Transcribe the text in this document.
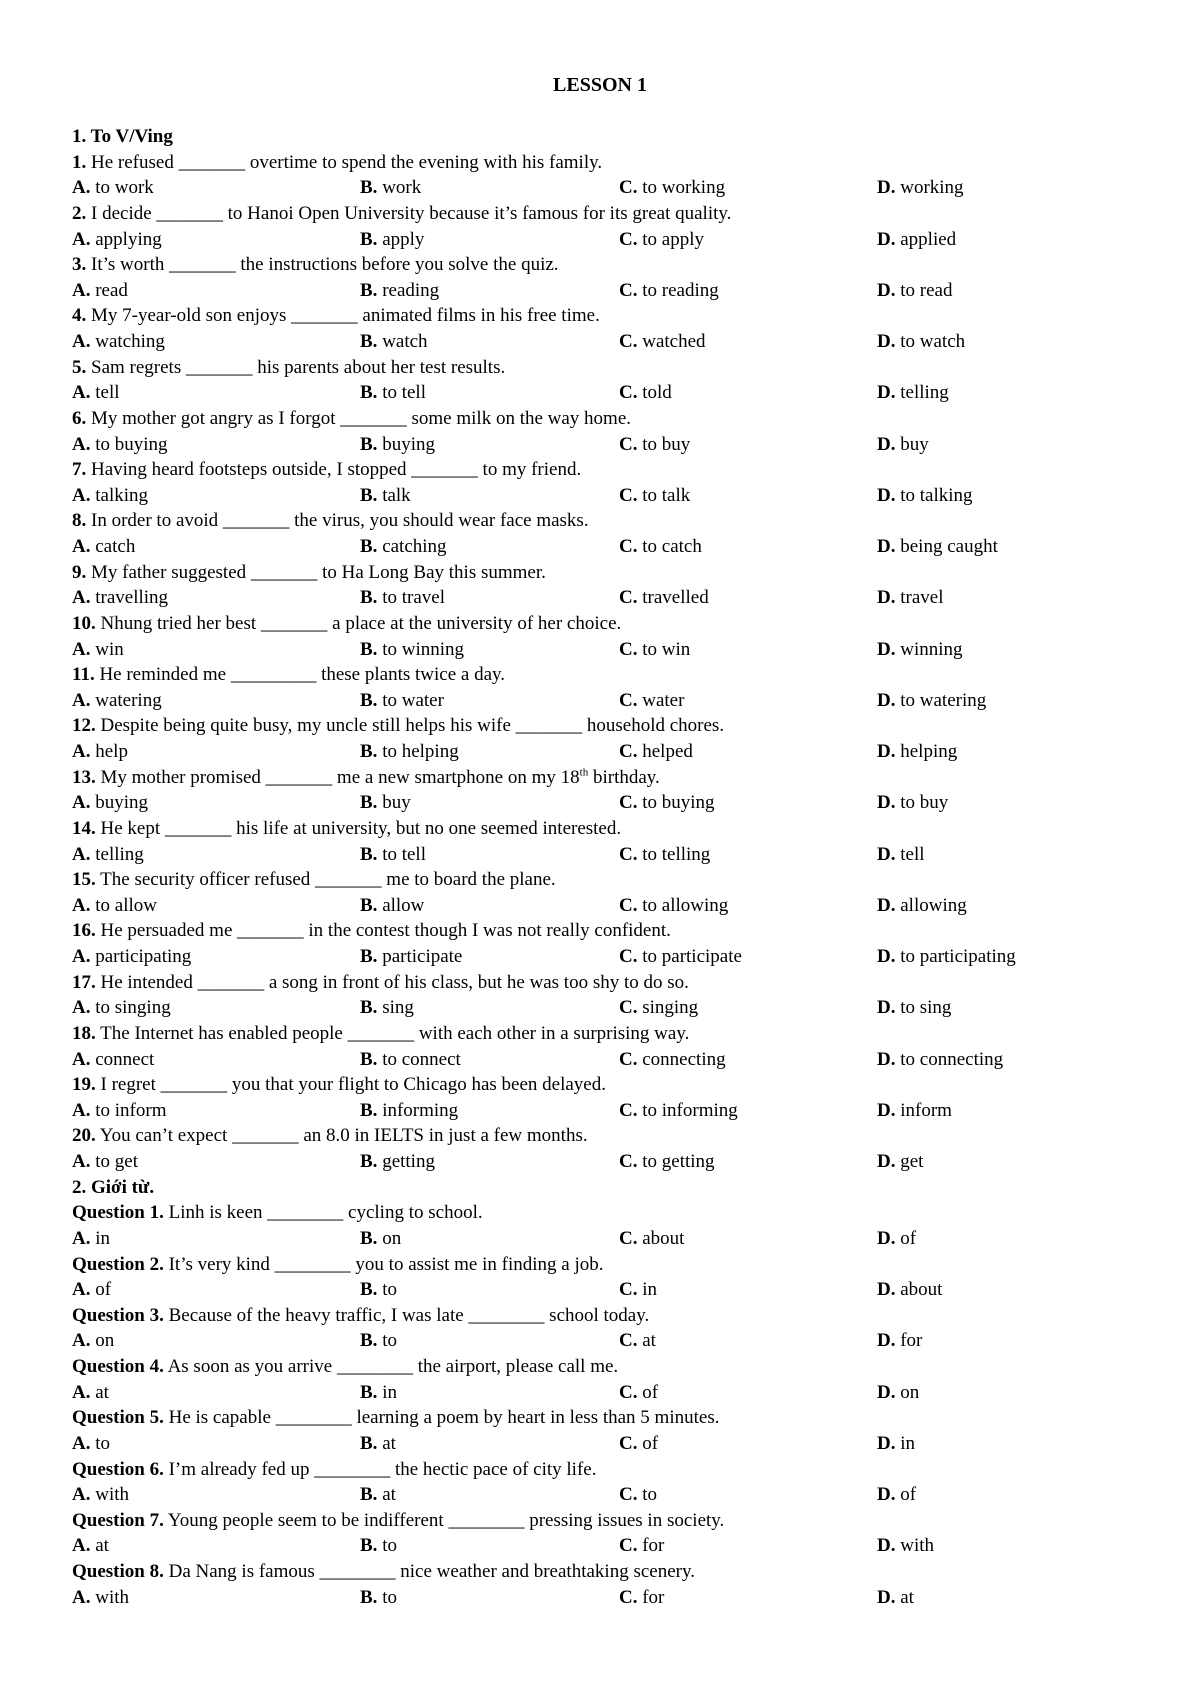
LESSON 1
1. To V/Ving
1. He refused _______ overtime to spend the evening with his family.
A. to work	B. work	C. to working	D. working
2. I decide _______ to Hanoi Open University because it’s famous for its great quality.
A. applying	B. apply	C. to apply	D. applied
3. It’s worth _______ the instructions before you solve the quiz.
A. read	B. reading	C. to reading	D. to read
4. My 7-year-old son enjoys _______ animated films in his free time.
A. watching	B. watch	C. watched	D. to watch
5. Sam regrets _______ his parents about her test results.
A. tell	B. to tell	C. told	D. telling
6. My mother got angry as I forgot _______ some milk on the way home.
A. to buying	B. buying	C. to buy	D. buy
7. Having heard footsteps outside, I stopped _______ to my friend.
A. talking	B. talk	C. to talk	D. to talking
8. In order to avoid _______ the virus, you should wear face masks.
A. catch	B. catching	C. to catch	D. being caught
9. My father suggested _______ to Ha Long Bay this summer.
A. travelling	B. to travel	C. travelled	D. travel
10. Nhung tried her best _______ a place at the university of her choice.
A. win	B. to winning	C. to win	D. winning
11. He reminded me _________ these plants twice a day.
A. watering	B. to water	C. water	D. to watering
12. Despite being quite busy, my uncle still helps his wife _______ household chores.
A. help	B. to helping	C. helped	D. helping
13. My mother promised _______ me a new smartphone on my 18th birthday.
A. buying	B. buy	C. to buying	D. to buy
14. He kept _______ his life at university, but no one seemed interested.
A. telling	B. to tell	C. to telling	D. tell
15. The security officer refused _______ me to board the plane.
A. to allow	B. allow	C. to allowing	D. allowing
16. He persuaded me _______ in the contest though I was not really confident.
A. participating	B. participate	C. to participate	D. to participating
17. He intended _______ a song in front of his class, but he was too shy to do so.
A. to singing	B. sing	C. singing	D. to sing
18. The Internet has enabled people _______ with each other in a surprising way.
A. connect	B. to connect	C. connecting	D. to connecting
19. I regret _______ you that your flight to Chicago has been delayed.
A. to inform	B. informing	C. to informing	D. inform
20. You can’t expect _______ an 8.0 in IELTS in just a few months.
A. to get	B. getting	C. to getting	D. get
2. Giới từ.
Question 1. Linh is keen ________ cycling to school.
A. in	B. on	C. about	D. of
Question 2. It’s very kind ________ you to assist me in finding a job.
A. of	B. to	C. in	D. about
Question 3. Because of the heavy traffic, I was late ________ school today.
A. on	B. to	C. at	D. for
Question 4. As soon as you arrive ________ the airport, please call me.
A. at	B. in	C. of	D. on
Question 5. He is capable ________ learning a poem by heart in less than 5 minutes.
A. to	B. at	C. of	D. in
Question 6. I’m already fed up ________ the hectic pace of city life.
A. with	B. at	C. to	D. of
Question 7. Young people seem to be indifferent ________ pressing issues in society.
A. at	B. to	C. for	D. with
Question 8. Da Nang is famous ________ nice weather and breathtaking scenery.
A. with	B. to	C. for	D. at
